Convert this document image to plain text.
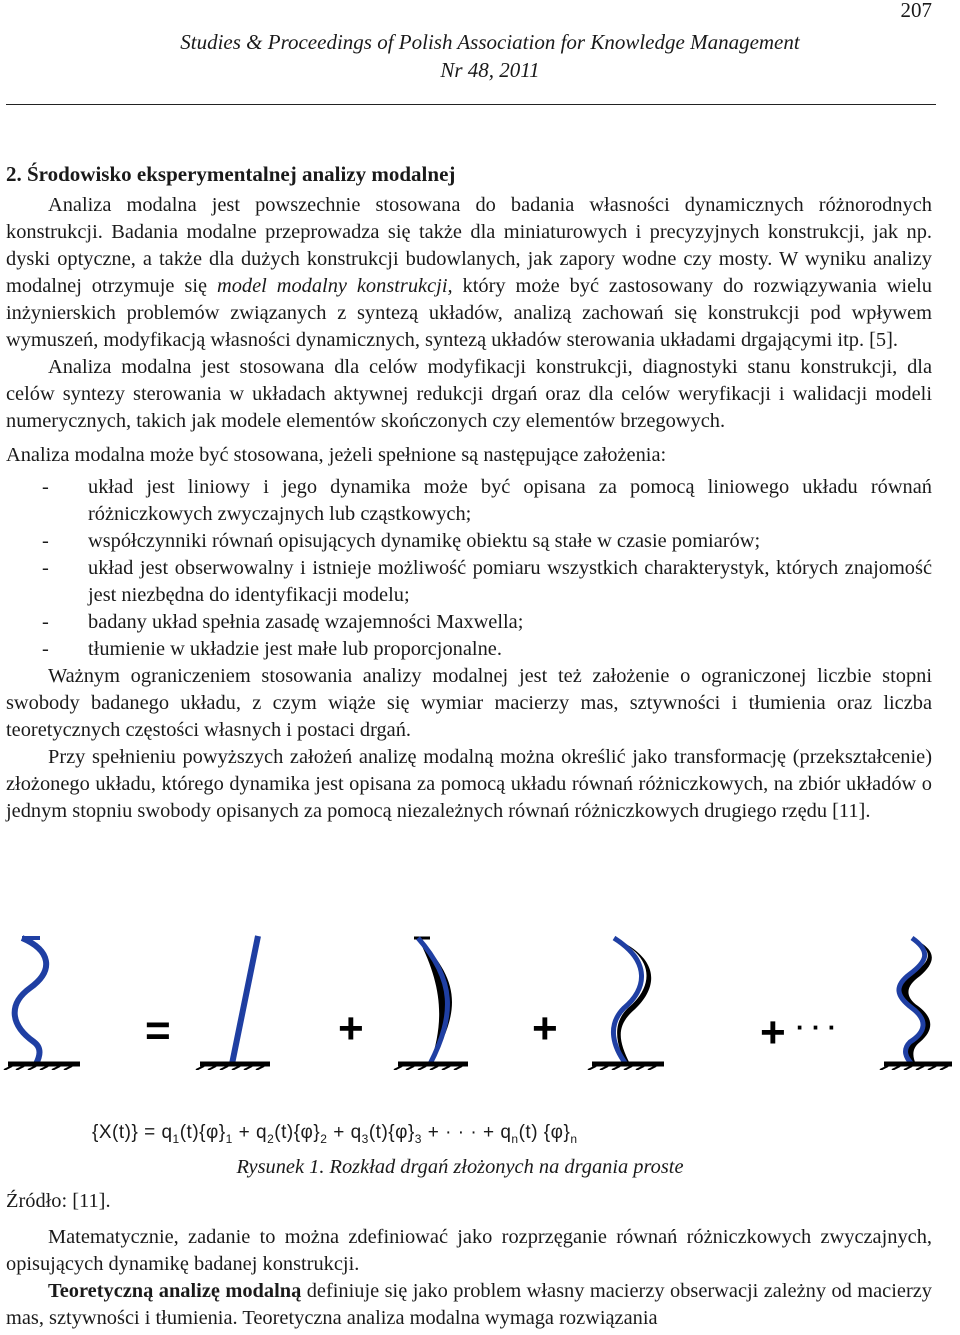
207
Studies & Proceedings of Polish Association for Knowledge Management
Nr 48, 2011
2. Środowisko eksperymentalnej analizy modalnej

Analiza modalna jest powszechnie stosowana do badania własności dynamicznych różnorodnych konstrukcji. Badania modalne przeprowadza się także dla miniaturowych i precyzyjnych konstrukcji, jak np. dyski optyczne, a także dla dużych konstrukcji budowlanych, jak zapory wodne czy mosty. W wyniku analizy modalnej otrzymuje się model modalny konstrukcji, który może być zastosowany do rozwiązywania wielu inżynierskich problemów związanych z syntezą układów, analizą zachowań się konstrukcji pod wpływem wymuszeń, modyfikacją własności dynamicznych, syntezą układów sterowania układami drgającymi itp. [5].

Analiza modalna jest stosowana dla celów modyfikacji konstrukcji, diagnostyki stanu konstrukcji, dla celów syntezy sterowania w układach aktywnej redukcji drgań oraz dla celów weryfikacji i walidacji modeli numerycznych, takich jak modele elementów skończonych czy elementów brzegowych.

Analiza modalna może być stosowana, jeżeli spełnione są następujące założenia:

- układ jest liniowy i jego dynamika może być opisana za pomocą liniowego układu równań różniczkowych zwyczajnych lub cząstkowych;
- współczynniki równań opisujących dynamikę obiektu są stałe w czasie pomiarów;
- układ jest obserwowalny i istnieje możliwość pomiaru wszystkich charakterystyk, których znajomość jest niezbędna do identyfikacji modelu;
- badany układ spełnia zasadę wzajemności Maxwella;
- tłumienie w układzie jest małe lub proporcjonalne.

Ważnym ograniczeniem stosowania analizy modalnej jest też założenie o ograniczonej liczbie stopni swobody badanego układu, z czym wiąże się wymiar macierzy mas, sztywności i tłumienia oraz liczba teoretycznych częstości własnych i postaci drgań.

Przy spełnieniu powyższych założeń analizę modalną można określić jako transformację (przekształcenie) złożonego układu, którego dynamika jest opisana za pomocą układu równań różniczkowych, na zbiór układów o jednym stopniu swobody opisanych za pomocą niezależnych równań różniczkowych drugiego rzędu [11].

=	+	+	+ · · ·
$\{X(t)\} = q_1(t)\{\varphi\}_1 + q_2(t)\{\varphi\}_2 + q_3(t)\{\varphi\}_3$ + · · · + $q_n(t)$ $\{\varphi\}_n$
Rysunek 1. Rozkład drgań złożonych na drgania proste
Źródło: [11].

Matematycznie, zadanie to można zdefiniować jako rozprzęganie równań różniczkowych zwyczajnych, opisujących dynamikę badanej konstrukcji.

Teoretyczną analizę modalną definiuje się jako problem własny macierzy obserwacji zależny od macierzy mas, sztywności i tłumienia. Teoretyczna analiza modalna wymaga rozwiązania
